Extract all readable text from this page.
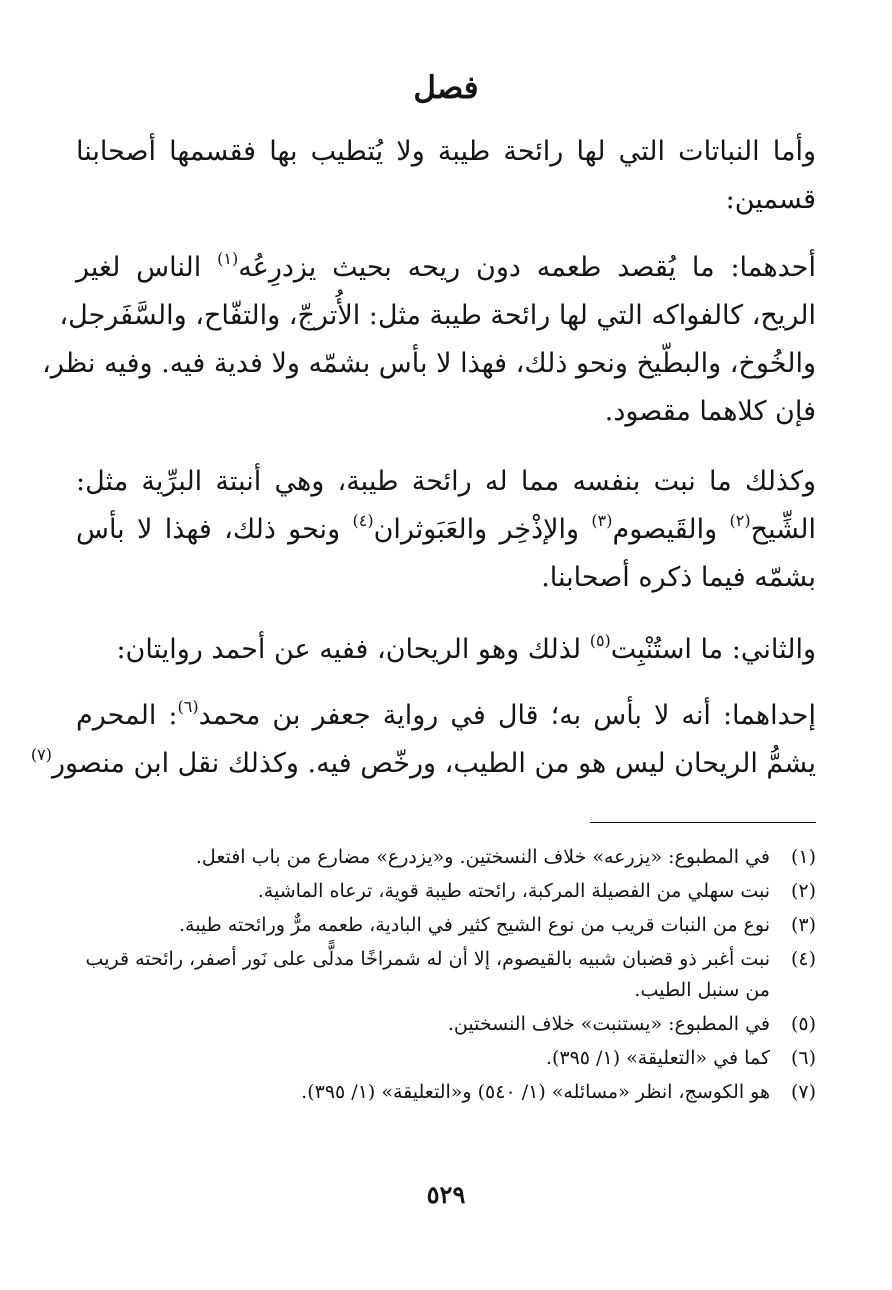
فصل
وأما النباتات التي لها رائحة طيبة ولا يُتطيب بها فقسمها أصحابنا
قسمين:
أحدهما: ما يُقصد طعمه دون ريحه بحيث يزدرِعُه$^{(١)}$ الناس لغير
الريح، كالفواكه التي لها رائحة طيبة مثل: الأُترجّ، والتفّاح، والسَّفَرجل،
والخُوخ، والبطّيخ ونحو ذلك، فهذا لا بأس بشمّه ولا فدية فيه. وفيه نظر،
فإن كلاهما مقصود.
وكذلك ما نبت بنفسه مما له رائحة طيبة، وهي أنبتة البرِّية مثل:
الشِّيح$^{(٢)}$ والقَيصوم$^{(٣)}$ والإذْخِر والعَبَوثران$^{(٤)}$ ونحو ذلك، فهذا لا بأس
بشمّه فيما ذكره أصحابنا.
والثاني: ما استُنْبِت$^{(٥)}$ لذلك وهو الريحان، ففيه عن أحمد روايتان:
إحداهما: أنه لا بأس به؛ قال في رواية جعفر بن محمد$^{(٦)}$: المحرم
يشمُّ الريحان ليس هو من الطيب، ورخّص فيه. وكذلك نقل ابن منصور$^{(٧)}$
(١)
في المطبوع: «يزرعه» خلاف النسختين. و«يزدرع» مضارع من باب افتعل.
(٢)
نبت سهلي من الفصيلة المركبة، رائحته طيبة قوية، ترعاه الماشية.
(٣)
نوع من النبات قريب من نوع الشيح كثير في البادية، طعمه مرٌّ ورائحته طيبة.
(٤)
نبت أغبر ذو قضبان شبيه بالقيصوم، إلا أن له شمراخًا مدلًّى على نَور أصفر، رائحته قريب من سنبل الطيب.
(٥)
في المطبوع: «يستنبت» خلاف النسختين.
(٦)
كما في «التعليقة» (١/ ٣٩٥).
(٧)
هو الكوسج، انظر «مسائله» (١/ ٥٤٠) و«التعليقة» (١/ ٣٩٥).
٥٢٩
